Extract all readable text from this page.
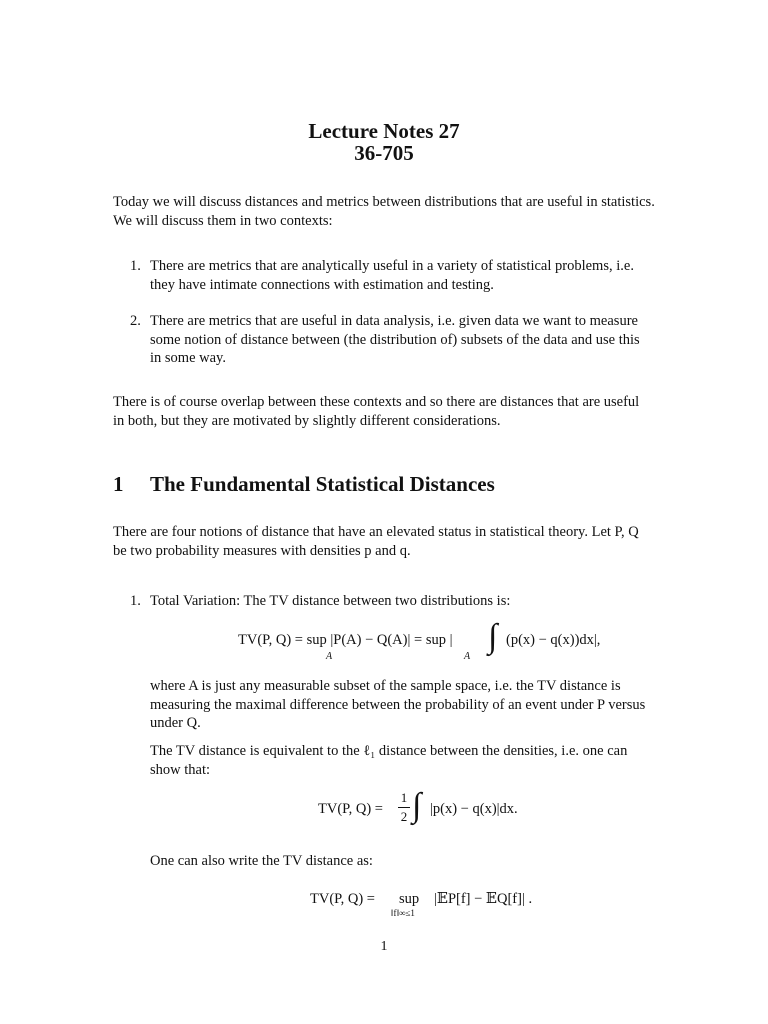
Lecture Notes 27
36-705
Today we will discuss distances and metrics between distributions that are useful in statistics.
We will discuss them in two contexts:
1. There are metrics that are analytically useful in a variety of statistical problems, i.e.
they have intimate connections with estimation and testing.
2. There are metrics that are useful in data analysis, i.e. given data we want to measure
some notion of distance between (the distribution of) subsets of the data and use this
in some way.
There is of course overlap between these contexts and so there are distances that are useful
in both, but they are motivated by slightly different considerations.
1 The Fundamental Statistical Distances
There are four notions of distance that have an elevated status in statistical theory. Let P, Q
be two probability measures with densities p and q.
1. Total Variation: The TV distance between two distributions is:
TV(P, Q) = sup |P(A) − Q(A)| = sup |
A	A
∫ (p(x) − q(x))dx|,
where A is just any measurable subset of the sample space, i.e. the TV distance is
measuring the maximal difference between the probability of an event under P versus
under Q.
The TV distance is equivalent to the ℓ₁ distance between the densities, i.e. one can
show that:
TV(P, Q) =
1
2 ∫ |p(x) − q(x)|dx.
One can also write the TV distance as:
TV(P, Q) = sup
‖f‖∞≤1
|𝔼P[f] − 𝔼Q[f]| .
1
